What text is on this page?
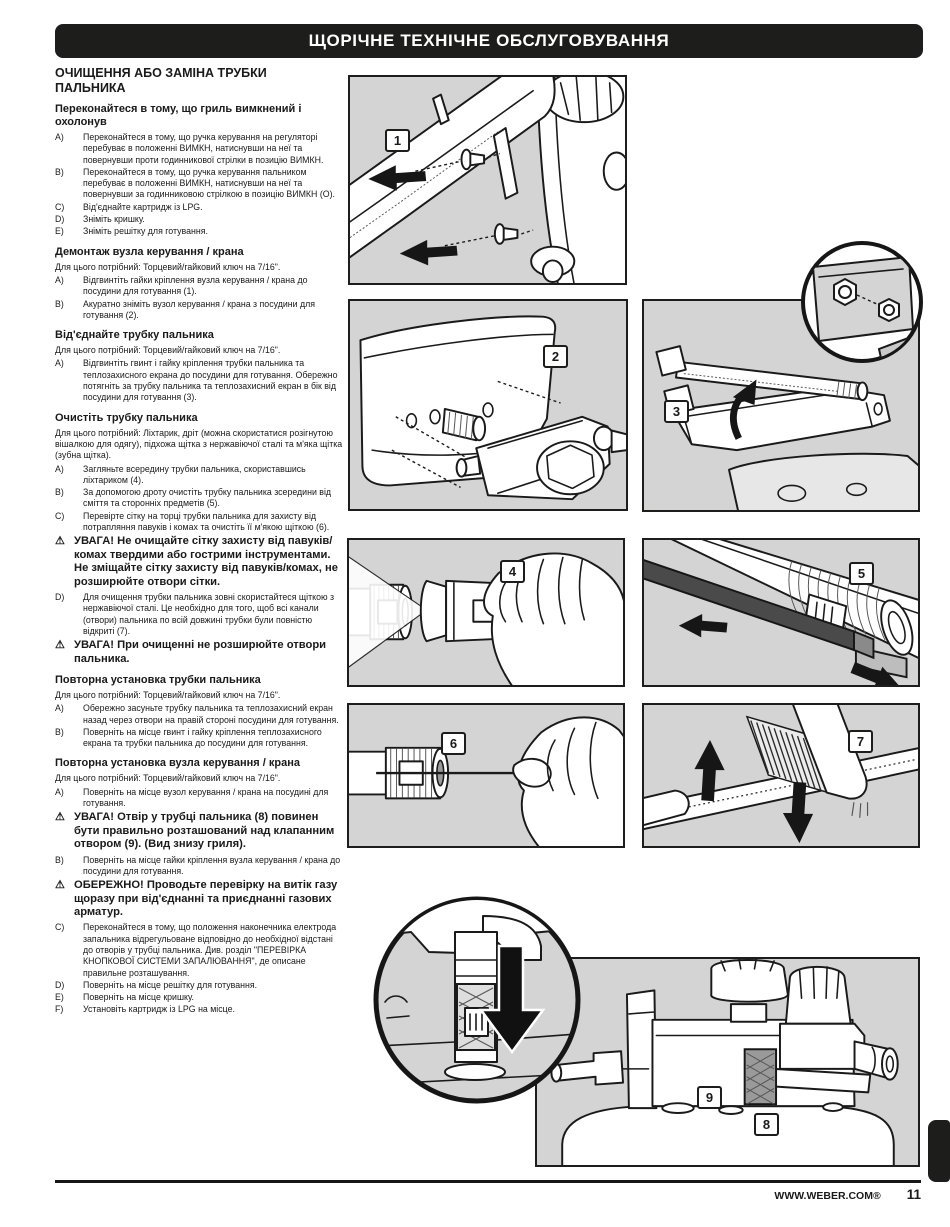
ЩОРІЧНЕ ТЕХНІЧНЕ ОБСЛУГОВУВАННЯ
ОЧИЩЕННЯ АБО ЗАМІНА ТРУБКИ ПАЛЬНИКА
Переконайтеся в тому, що гриль вимкнений і охолонув
A)	Переконайтеся в тому, що ручка керування на регуляторі перебуває в положенні ВИМКН, натиснувши на неї та повернувши проти годинникової стрілки в позицію ВИМКН.
B)	Переконайтеся в тому, що ручка керування пальником перебуває в положенні ВИМКН, натиснувши на неї та повернувши за годинниковою стрілкою в позицію ВИМКН (О).
C)	Від'єднайте картридж із LPG.
D)	Зніміть кришку.
E)	Зніміть решітку для готування.
Демонтаж вузла керування / крана

Для цього потрібний: Торцевий/гайковий ключ на 7/16".

A)	Відгвинтіть гайки кріплення вузла керування / крана до посудини для готування (1).
B)	Акуратно зніміть вузол керування / крана з посудини для готування (2).
Від'єднайте трубку пальника

Для цього потрібний: Торцевий/гайковий ключ на 7/16".

A)	Відгвинтіть гвинт і гайку кріплення трубки пальника та теплозахисного екрана до посудини для готування. Обережно потягніть за трубку пальника та теплозахисний екран в бік від посудини для готування (3).
Очистіть трубку пальника

Для цього потрібний: Ліхтарик, дріт (можна скористатися розігнутою вішалкою для одягу), підхожа щітка з нержавіючої сталі та м'яка щітка (зубна щітка).

A)	Загляньте всередину трубки пальника, скориставшись ліхтариком (4).
B)	За допомогою дроту очистіть трубку пальника зсередини від сміття та сторонніх предметів (5).
C)	Перевірте сітку на торці трубки пальника для захисту від потрапляння павуків і комах та очистіть її м'якою щіткою (6).
⚠ УВАГА! Не очищайте сітку захисту від павуків/комах твердими або гострими інструментами. Не зміщайте сітку захисту від павуків/комах, не розширюйте отвори сітки.
D)	Для очищення трубки пальника зовні скористайтеся щіткою з нержавіючої сталі. Це необхідно для того, щоб всі канали (отвори) пальника по всій довжині трубки були повністю відкриті (7).
⚠ УВАГА! При очищенні не розширюйте отвори пальника.
Повторна установка трубки пальника

Для цього потрібний: Торцевий/гайковий ключ на 7/16".

A)	Обережно засуньте трубку пальника та теплозахисний екран назад через отвори на правій стороні посудини для готування.
B)	Поверніть на місце гвинт і гайку кріплення теплозахисного екрана та трубки пальника до посудини для готування.
Повторна установка вузла керування / крана

Для цього потрібний: Торцевий/гайковий ключ на 7/16".

A)	Поверніть на місце вузол керування / крана на посудині для готування.
⚠ УВАГА! Отвір у трубці пальника (8) повинен бути правильно розташований над клапанним отвором (9). (Вид знизу гриля).
B)	Поверніть на місце гайки кріплення вузла керування / крана до посудини для готування.
⚠ ОБЕРЕЖНО! Проводьте перевірку на витік газу щоразу при від'єднанні та приєднанні газових арматур.
C)	Переконайтеся в тому, що положення наконечника електрода запальника відрегульоване відповідно до необхідної відстані до отворів у трубці пальника. Див. розділ "ПЕРЕВІРКА КНОПКОВОЇ СИСТЕМИ ЗАПАЛЮВАННЯ", де описане правильне розташування.
D)	Поверніть на місце решітку для готування.
E)	Поверніть на місце кришку.
F)	Установіть картридж із LPG на місце.
1
2
3
4	5
6	7
9
8
WWW.WEBER.COM® 11
